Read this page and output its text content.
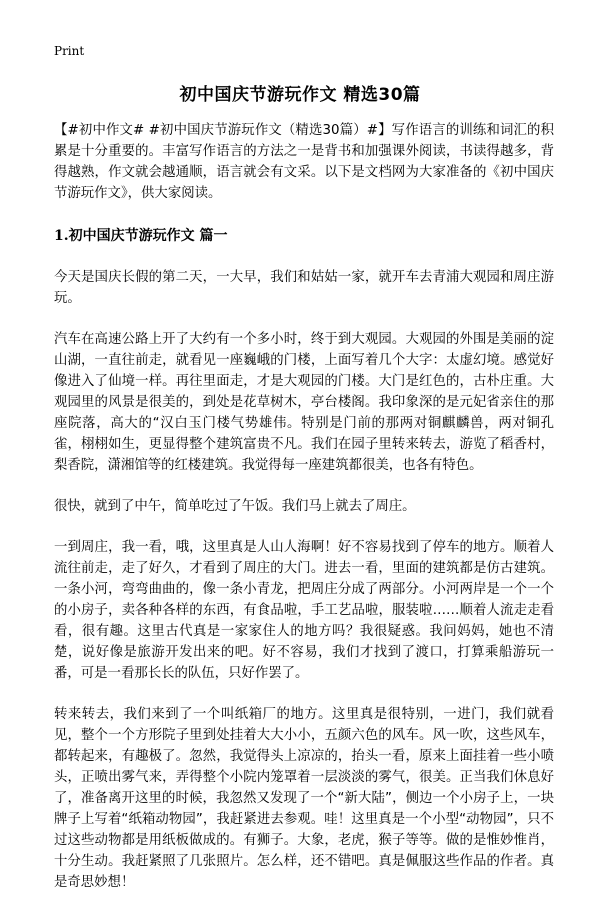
Print
初中国庆节游玩作文 精选30篇

【#初中作文# #初中国庆节游玩作文（精选30篇）#】写作语言的训练和词汇的积累是十分重要的。丰富写作语言的方法之一是背书和加强课外阅读，书读得越多，背得越熟，作文就会越通顺，语言就会有文采。以下是文档网为大家准备的《初中国庆节游玩作文》，供大家阅读。

1.初中国庆节游玩作文 篇一

今天是国庆长假的第二天，一大早，我们和姑姑一家，就开车去青浦大观园和周庄游玩。

汽车在高速公路上开了大约有一个多小时，终于到大观园。大观园的外围是美丽的淀山湖，一直往前走，就看见一座巍峨的门楼，上面写着几个大字：太虚幻境。感觉好像进入了仙境一样。再往里面走，才是大观园的门楼。大门是红色的，古朴庄重。大观园里的风景是很美的，到处是花草树木，亭台楼阁。我印象深的是元妃省亲住的那座院落，高大的“汉白玉门楼气势雄伟。特别是门前的那两对铜麒麟兽，两对铜孔雀，栩栩如生，更显得整个建筑富贵不凡。我们在园子里转来转去，游览了稻香村，梨香院，潇湘馆等的红楼建筑。我觉得每一座建筑都很美，也各有特色。

很快，就到了中午，简单吃过了午饭。我们马上就去了周庄。

一到周庄，我一看，哦，这里真是人山人海啊！好不容易找到了停车的地方。顺着人流往前走，走了好久，才看到了周庄的大门。进去一看，里面的建筑都是仿古建筑。一条小河，弯弯曲曲的，像一条小青龙，把周庄分成了两部分。小河两岸是一个一个的小房子，卖各种各样的东西，有食品啦，手工艺品啦，服装啦……顺着人流走走看看，很有趣。这里古代真是一家家住人的地方吗？我很疑惑。我问妈妈，她也不清楚，说好像是旅游开发出来的吧。好不容易，我们才找到了渡口，打算乘船游玩一番，可是一看那长长的队伍，只好作罢了。

转来转去，我们来到了一个叫纸箱厂的地方。这里真是很特别，一进门，我们就看见，整个一个方形院子里到处挂着大大小小，五颜六色的风车。风一吹，这些风车，都转起来，有趣极了。忽然，我觉得头上凉凉的，抬头一看，原来上面挂着一些小喷头，正喷出雾气来，弄得整个小院内笼罩着一层淡淡的雾气，很美。正当我们休息好了，准备离开这里的时候，我忽然又发现了一个“新大陆”，侧边一个小房子上，一块牌子上写着“纸箱动物园”，我赶紧进去参观。哇！这里真是一个小型“动物园”，只不过这些动物都是用纸板做成的。有狮子。大象，老虎，猴子等等。做的是惟妙惟肖，十分生动。我赶紧照了几张照片。怎么样，还不错吧。真是佩服这些作品的作者。真是奇思妙想！
